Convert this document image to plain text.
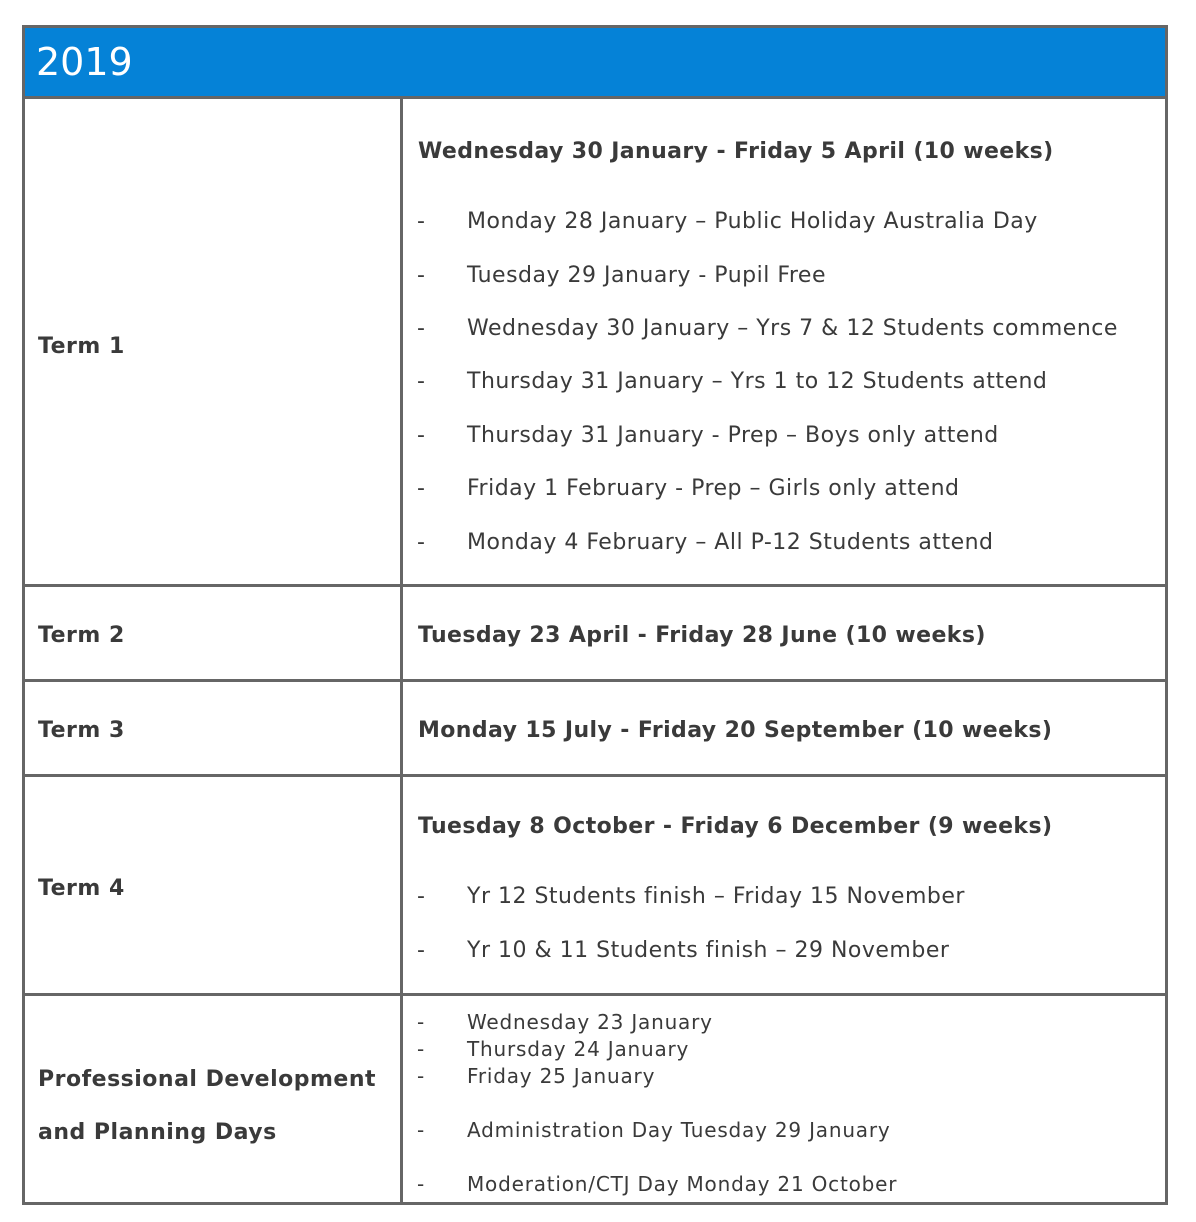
2019
Term 1
Wednesday 30 January - Friday 5 April (10 weeks)
- Monday 28 January – Public Holiday Australia Day
- Tuesday 29 January - Pupil Free
- Wednesday 30 January – Yrs 7 & 12 Students commence
- Thursday 31 January – Yrs 1 to 12 Students attend
- Thursday 31 January - Prep – Boys only attend
- Friday 1 February - Prep – Girls only attend
- Monday 4 February – All P-12 Students attend
Term 2	Tuesday 23 April - Friday 28 June (10 weeks)
Term 3	Monday 15 July - Friday 20 September (10 weeks)
Term 4
Tuesday 8 October - Friday 6 December (9 weeks)
- Yr 12 Students finish – Friday 15 November
- Yr 10 & 11 Students finish – 29 November
Professional Development
and Planning Days
- Wednesday 23 January
- Thursday 24 January
- Friday 25 January
- Administration Day Tuesday 29 January
- Moderation/CTJ Day Monday 21 October
